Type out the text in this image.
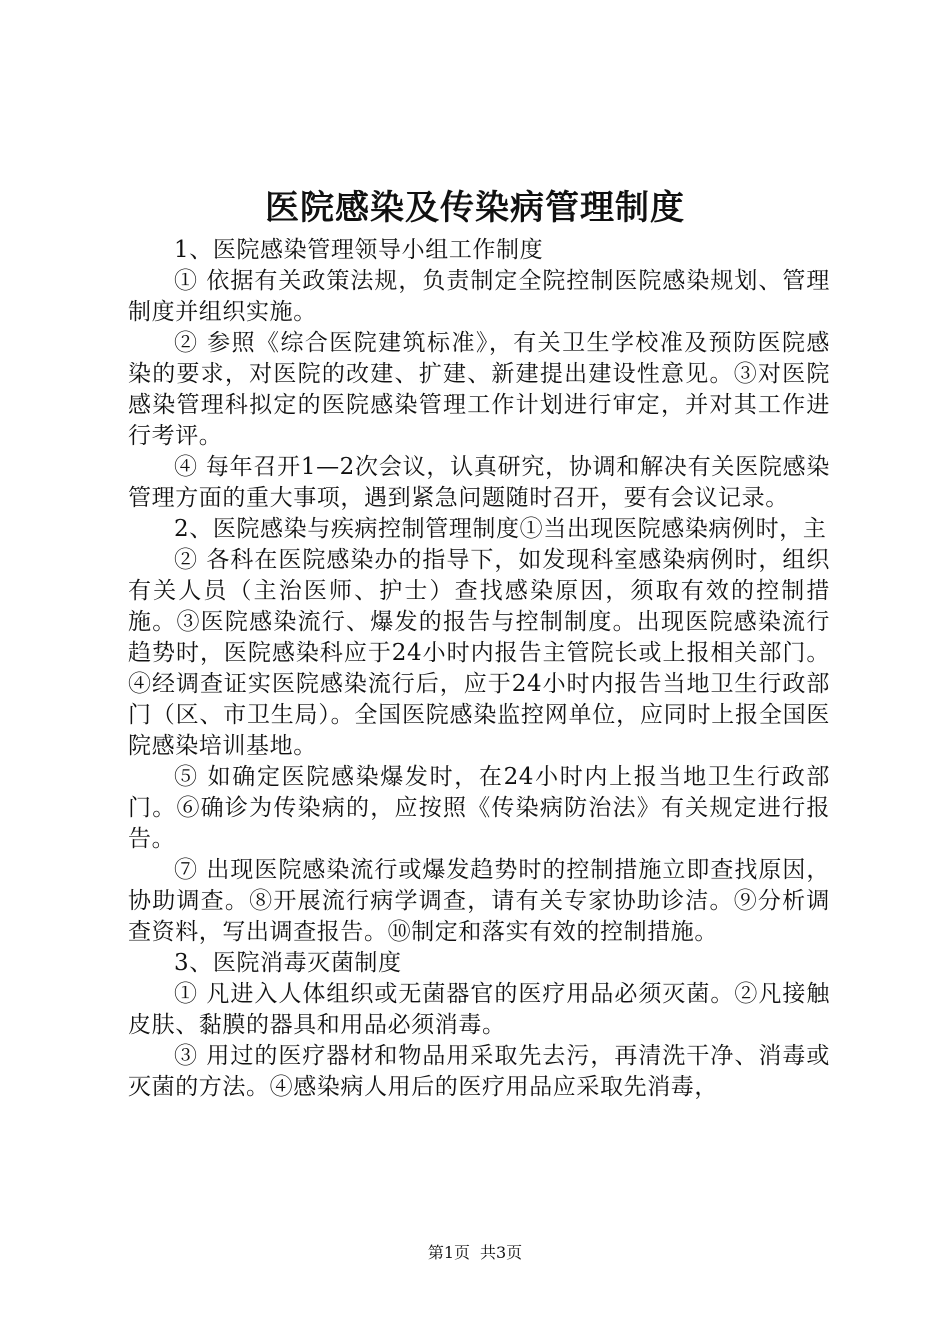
医院感染及传染病管理制度

1、医院感染管理领导小组工作制度

① 依据有关政策法规，负责制定全院控制医院感染规划、管理制度并组织实施。

② 参照《综合医院建筑标准》，有关卫生学校准及预防医院感染的要求，对医院的改建、扩建、新建提出建设性意见。③对医院感染管理科拟定的医院感染管理工作计划进行审定，并对其工作进行考评。

④ 每年召开1—2次会议，认真研究，协调和解决有关医院感染管理方面的重大事项，遇到紧急问题随时召开，要有会议记录。

2、医院感染与疾病控制管理制度①当出现医院感染病例时，主

② 各科在医院感染办的指导下，如发现科室感染病例时，组织有关人员（主治医师、护士）查找感染原因，须取有效的控制措施。③医院感染流行、爆发的报告与控制制度。出现医院感染流行趋势时，医院感染科应于24小时内报告主管院长或上报相关部门。④经调查证实医院感染流行后，应于24小时内报告当地卫生行政部门（区、市卫生局）。全国医院感染监控网单位，应同时上报全国医院感染培训基地。

⑤ 如确定医院感染爆发时，在24小时内上报当地卫生行政部门。⑥确诊为传染病的，应按照《传染病防治法》有关规定进行报告。

⑦ 出现医院感染流行或爆发趋势时的控制措施立即查找原因，协助调查。⑧开展流行病学调查，请有关专家协助诊洁。⑨分析调查资料，写出调查报告。⑩制定和落实有效的控制措施。

3、医院消毒灭菌制度

① 凡进入人体组织或无菌器官的医疗用品必须灭菌。②凡接触皮肤、黏膜的器具和用品必须消毒。

③ 用过的医疗器材和物品用采取先去污，再清洗干净、消毒或灭菌的方法。④感染病人用后的医疗用品应采取先消毒，

第1页 共3页
